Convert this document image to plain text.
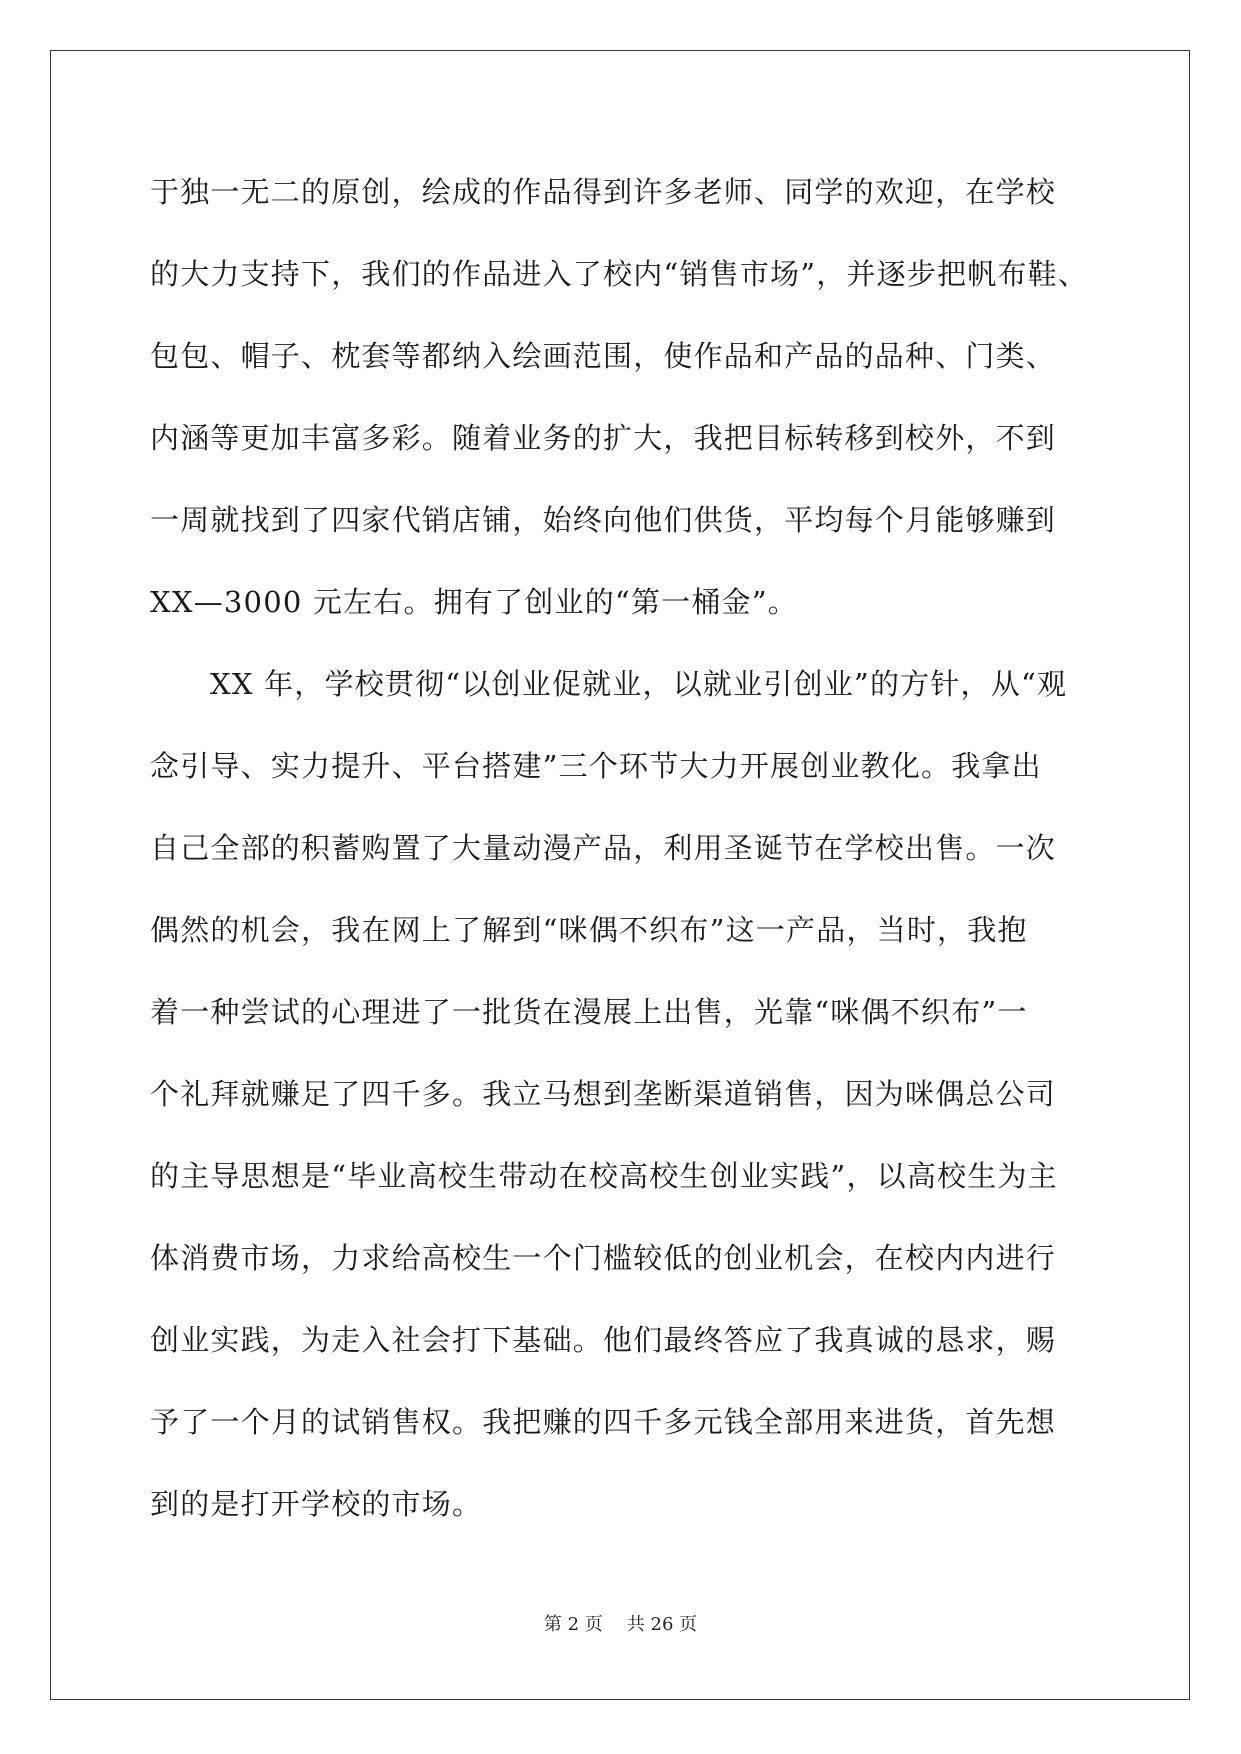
于独一无二的原创，绘成的作品得到许多老师、同学的欢迎，在学校
的大力支持下，我们的作品进入了校内“销售市场”，并逐步把帆布鞋、
包包、帽子、枕套等都纳入绘画范围，使作品和产品的品种、门类、
内涵等更加丰富多彩。随着业务的扩大，我把目标转移到校外，不到
一周就找到了四家代销店铺，始终向他们供货，平均每个月能够赚到
XX—3000 元左右。拥有了创业的“第一桶金”。
XX 年，学校贯彻“以创业促就业，以就业引创业”的方针，从“观
念引导、实力提升、平台搭建”三个环节大力开展创业教化。我拿出
自己全部的积蓄购置了大量动漫产品，利用圣诞节在学校出售。一次
偶然的机会，我在网上了解到“咪偶不织布”这一产品，当时，我抱
着一种尝试的心理进了一批货在漫展上出售，光靠“咪偶不织布”一
个礼拜就赚足了四千多。我立马想到垄断渠道销售，因为咪偶总公司
的主导思想是“毕业高校生带动在校高校生创业实践”，以高校生为主
体消费市场，力求给高校生一个门槛较低的创业机会，在校内内进行
创业实践，为走入社会打下基础。他们最终答应了我真诚的恳求，赐
予了一个月的试销售权。我把赚的四千多元钱全部用来进货，首先想
到的是打开学校的市场。
第 2 页 共 26 页
